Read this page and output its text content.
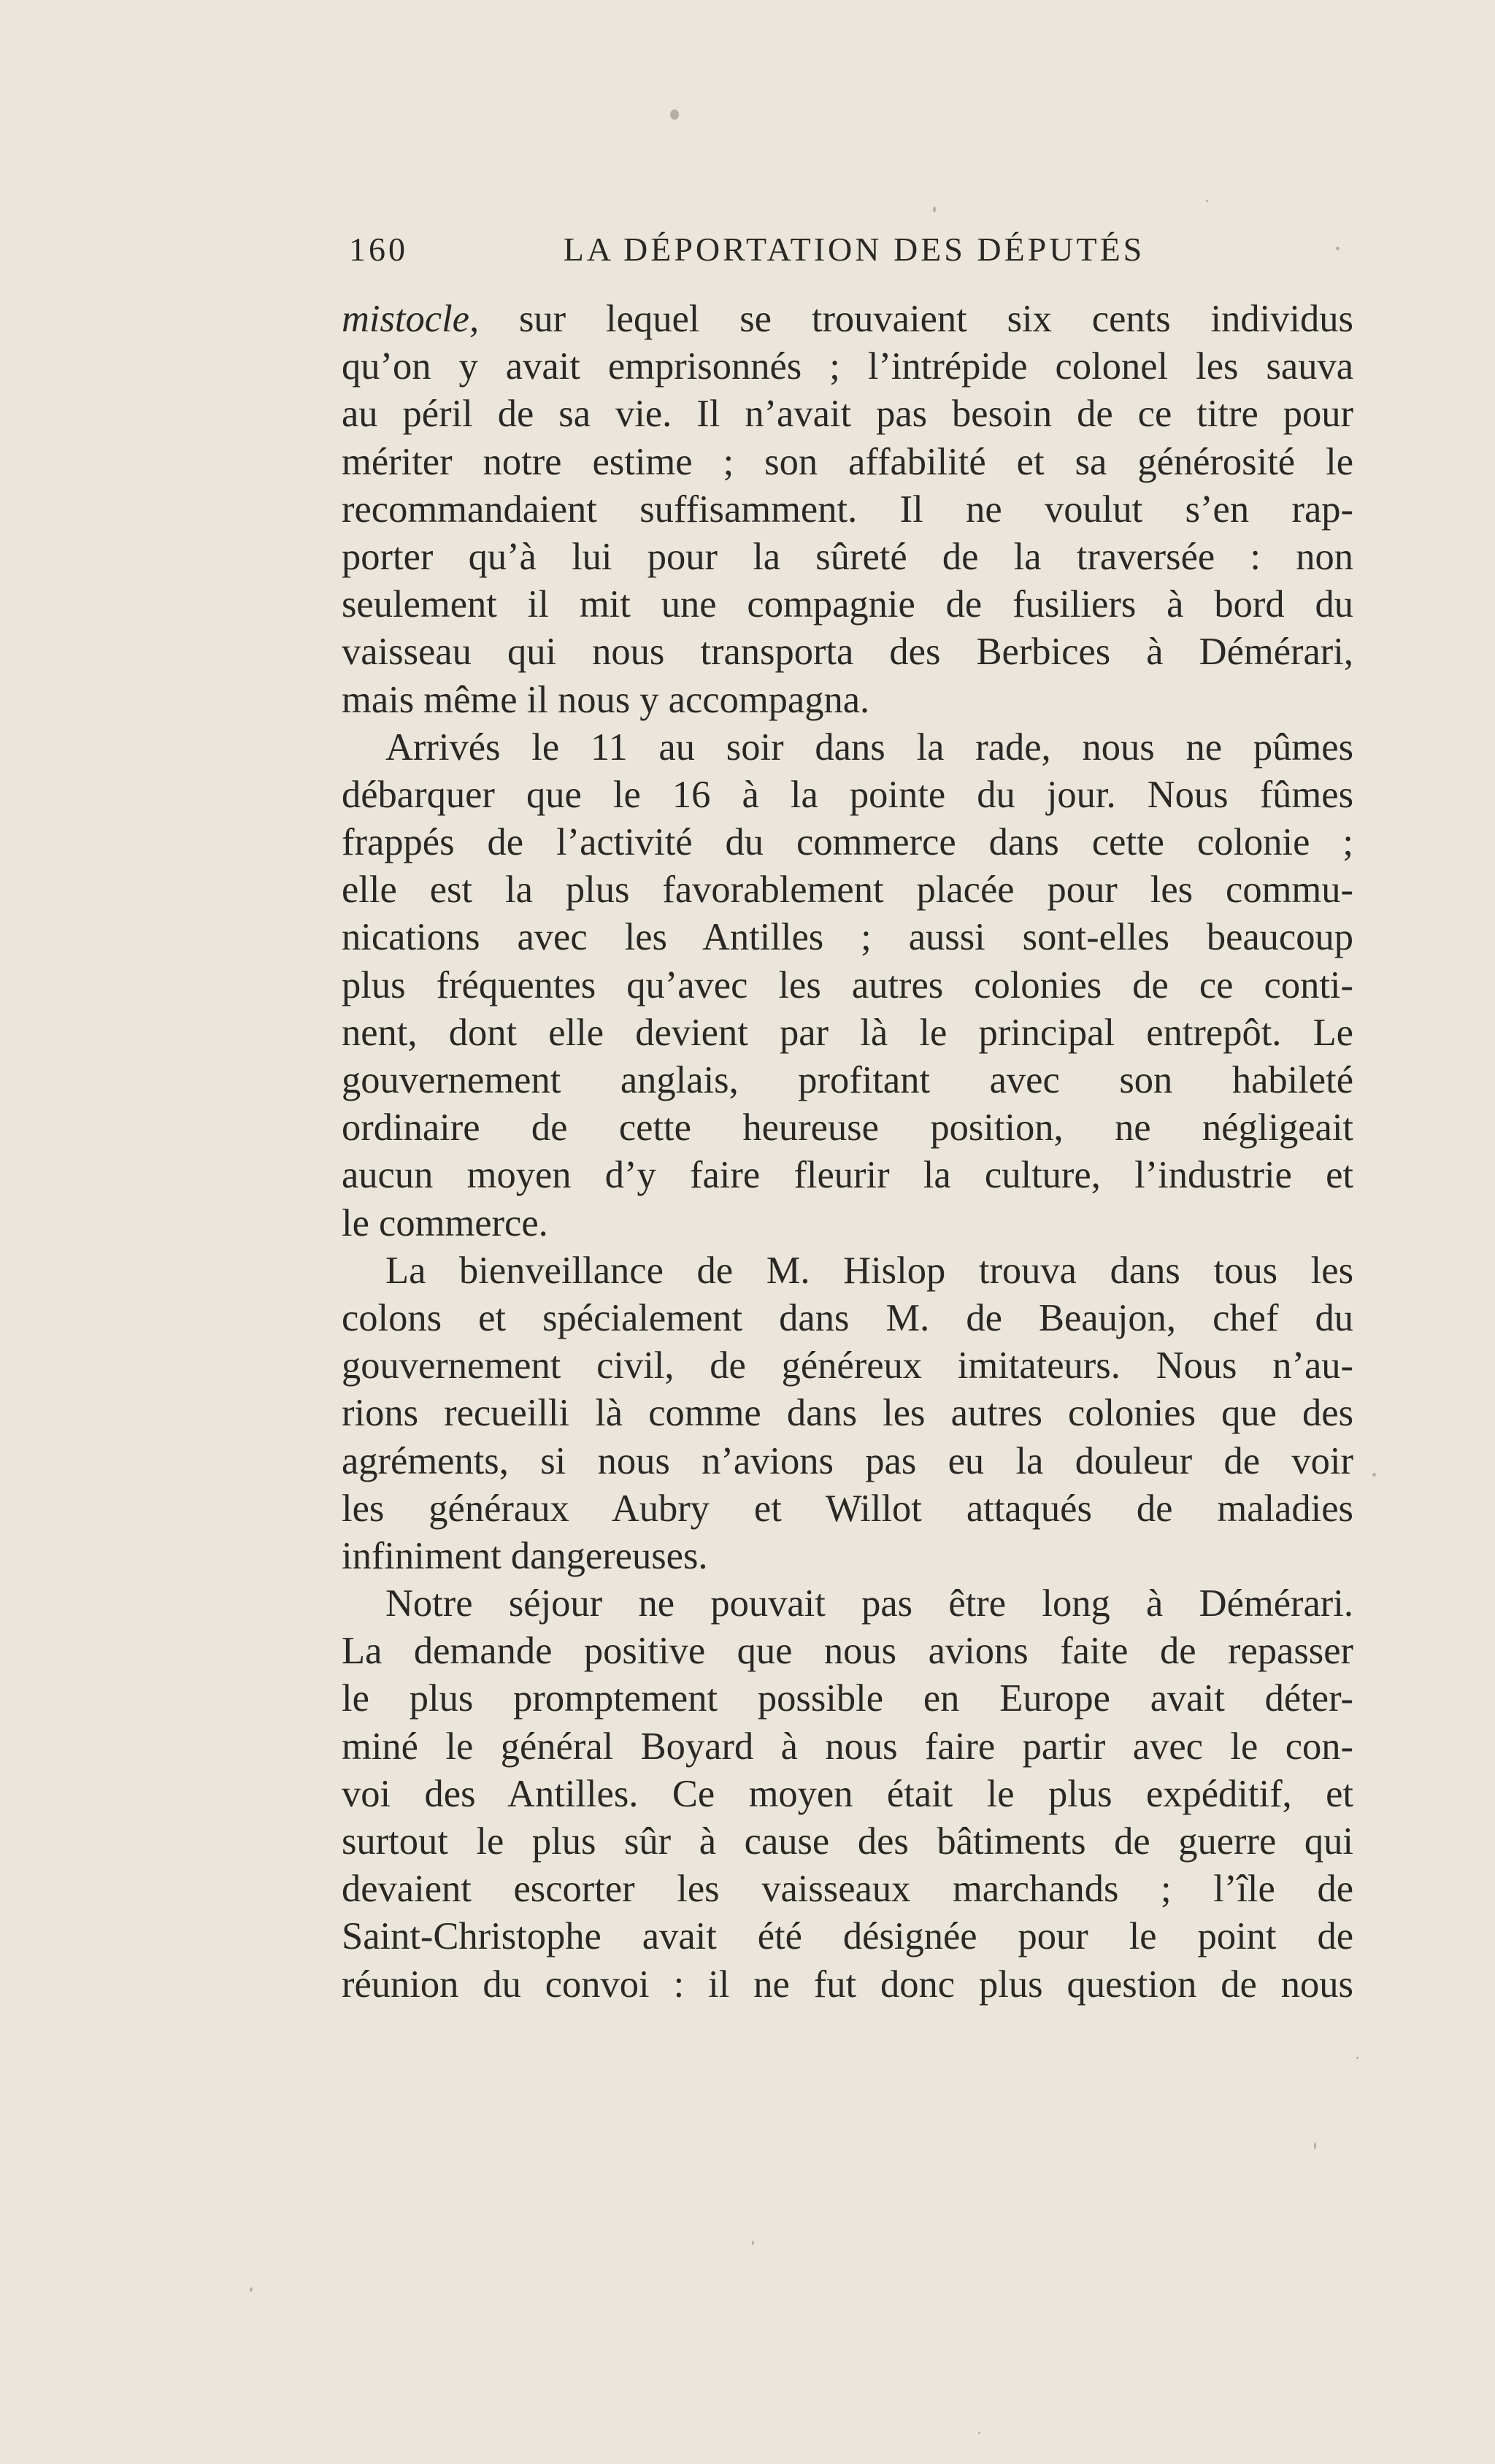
160	LA DÉPORTATION DES DÉPUTÉS
mistocle, sur lequel se trouvaient six cents individus
qu’on y avait emprisonnés ; l’intrépide colonel les sauva
au péril de sa vie. Il n’avait pas besoin de ce titre pour
mériter notre estime ; son affabilité et sa générosité le
recommandaient suffisamment. Il ne voulut s’en rap-
porter qu’à lui pour la sûreté de la traversée : non
seulement il mit une compagnie de fusiliers à bord du
vaisseau qui nous transporta des Berbices à Démérari,
mais même il nous y accompagna.
Arrivés le 11 au soir dans la rade, nous ne pûmes
débarquer que le 16 à la pointe du jour. Nous fûmes
frappés de l’activité du commerce dans cette colonie ;
elle est la plus favorablement placée pour les commu-
nications avec les Antilles ; aussi sont-elles beaucoup
plus fréquentes qu’avec les autres colonies de ce conti-
nent, dont elle devient par là le principal entrepôt. Le
gouvernement anglais, profitant avec son habileté
ordinaire de cette heureuse position, ne négligeait
aucun moyen d’y faire fleurir la culture, l’industrie et
le commerce.
La bienveillance de M. Hislop trouva dans tous les
colons et spécialement dans M. de Beaujon, chef du
gouvernement civil, de généreux imitateurs. Nous n’au-
rions recueilli là comme dans les autres colonies que des
agréments, si nous n’avions pas eu la douleur de voir
les généraux Aubry et Willot attaqués de maladies
infiniment dangereuses.
Notre séjour ne pouvait pas être long à Démérari.
La demande positive que nous avions faite de repasser
le plus promptement possible en Europe avait déter-
miné le général Boyard à nous faire partir avec le con-
voi des Antilles. Ce moyen était le plus expéditif, et
surtout le plus sûr à cause des bâtiments de guerre qui
devaient escorter les vaisseaux marchands ; l’île de
Saint-Christophe avait été désignée pour le point de
réunion du convoi : il ne fut donc plus question de nous
